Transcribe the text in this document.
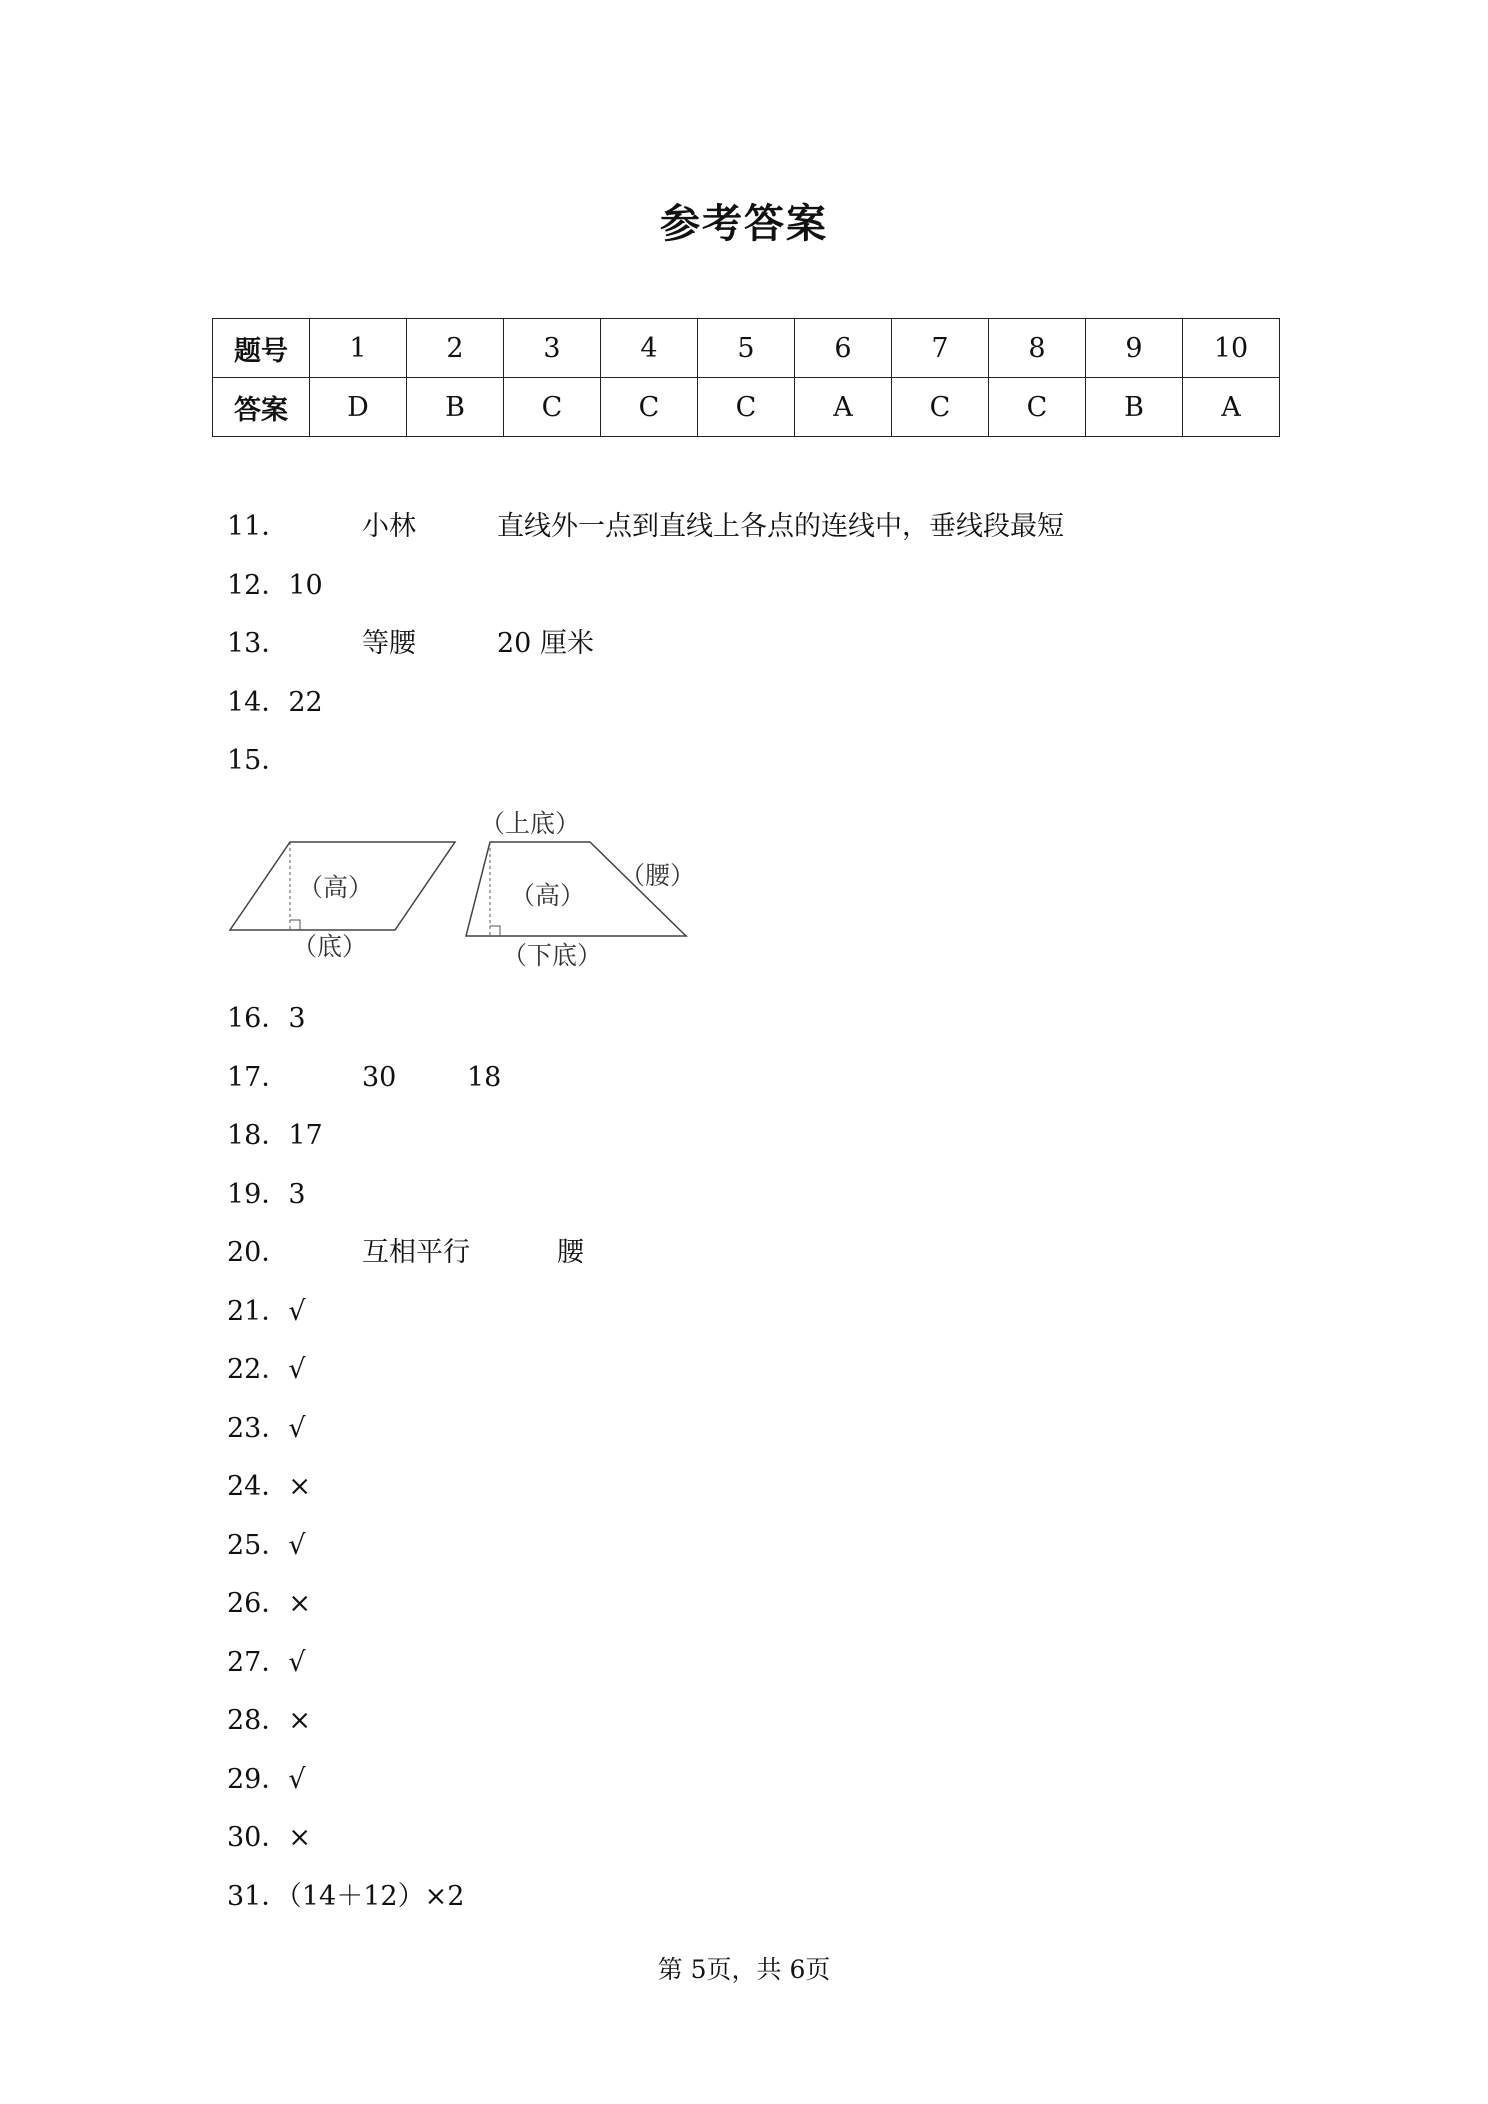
参考答案
题号	1	2	3	4	5	6	7	8	9	10
答案	D	B	C	C	C	A	C	C	B	A
11．	小林	直线外一点到直线上各点的连线中，垂线段最短
12．10
13．	等腰	20 厘米
14．22
15．
（高）
（底）
（上底）
（高）
（腰）
（下底）
16．3
17．	30	18
18．17
19．3
20．	互相平行	腰
21．√
22．√
23．√
24．×
25．√
26．×
27．√
28．×
29．√
30．×
31．（14＋12）×2
第 5页，共 6页
